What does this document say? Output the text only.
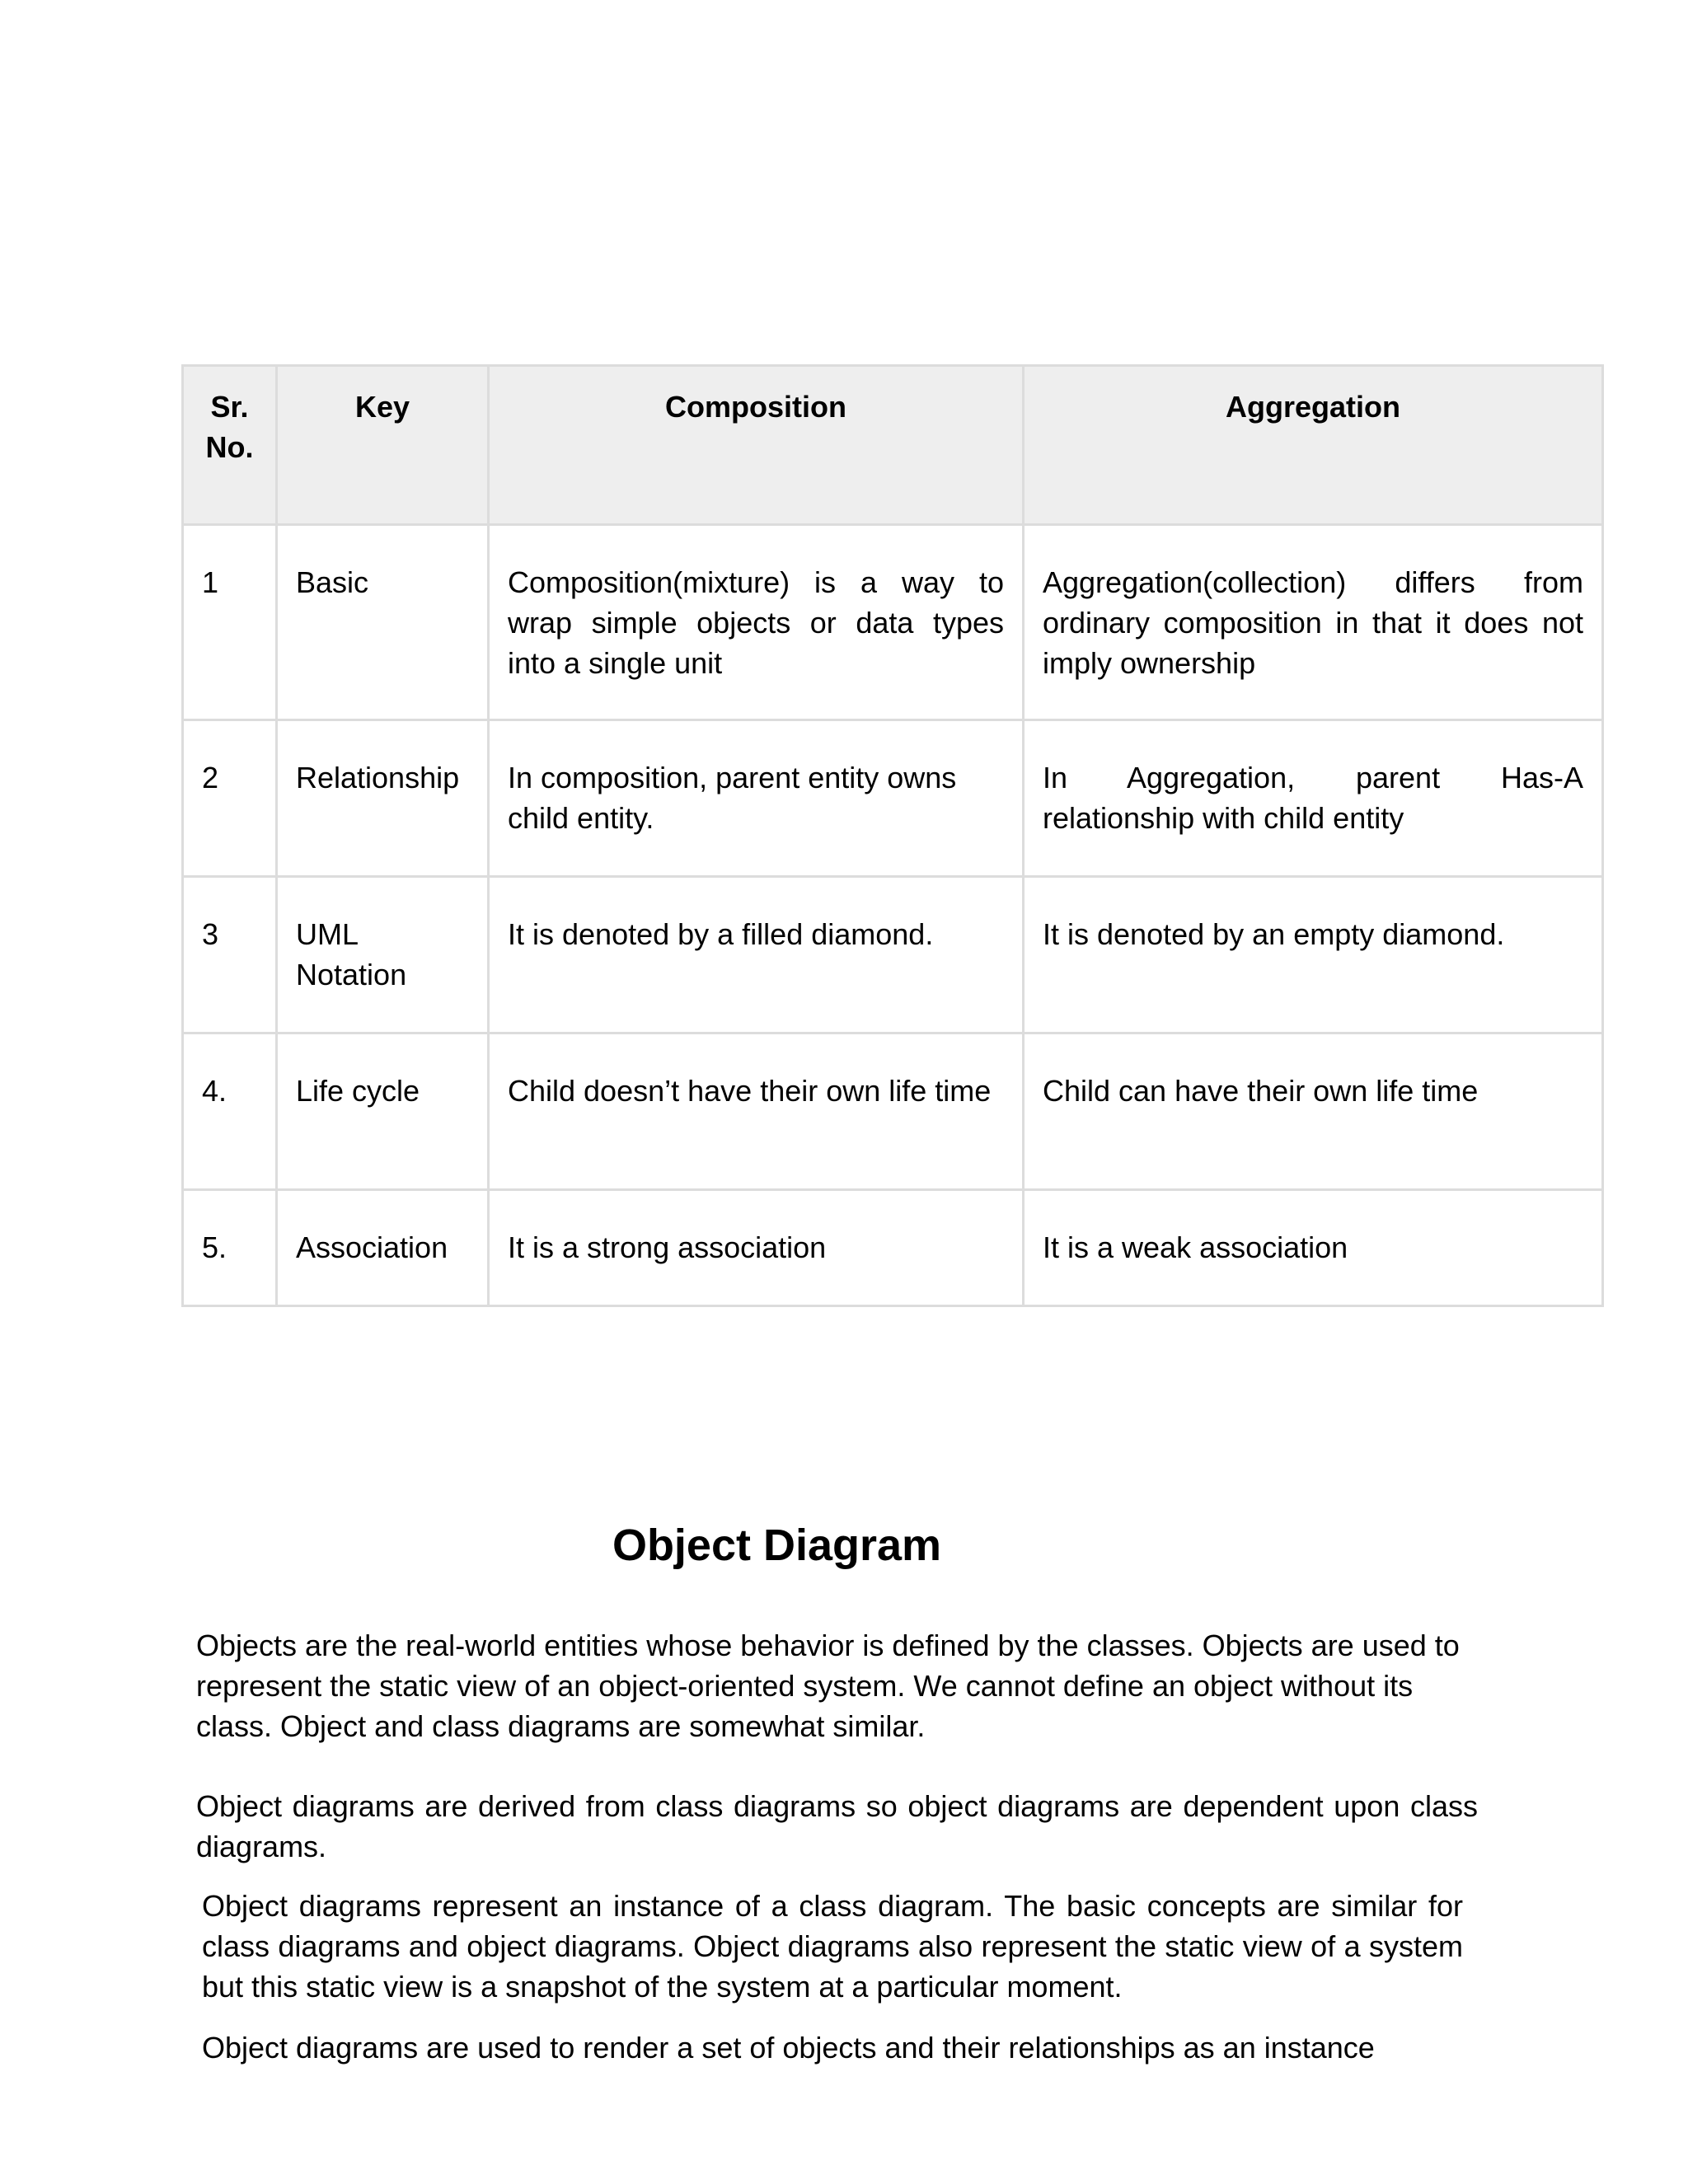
Sr. No.	Key	Composition	Aggregation
1	Basic	Composition(mixture) is a way to wrap simple objects or data types into a single unit	Aggregation(collection) differs from ordinary composition in that it does not imply ownership
2	Relationship	In composition, parent entity owns child entity.	In Aggregation, parent Has-A relationship with child entity
3	UML Notation	It is denoted by a filled diamond.	It is denoted by an empty diamond.
4.	Life cycle	Child doesn’t have their own life time	Child can have their own life time
5.	Association	It is a strong association	It is a weak association
Object Diagram

Objects are the real-world entities whose behavior is defined by the classes. Objects are used to represent the static view of an object-oriented system. We cannot define an object without its class. Object and class diagrams are somewhat similar.

Object diagrams are derived from class diagrams so object diagrams are dependent upon class diagrams.

Object diagrams represent an instance of a class diagram. The basic concepts are similar for class diagrams and object diagrams. Object diagrams also represent the static view of a system but this static view is a snapshot of the system at a particular moment.

Object diagrams are used to render a set of objects and their relationships as an instance
